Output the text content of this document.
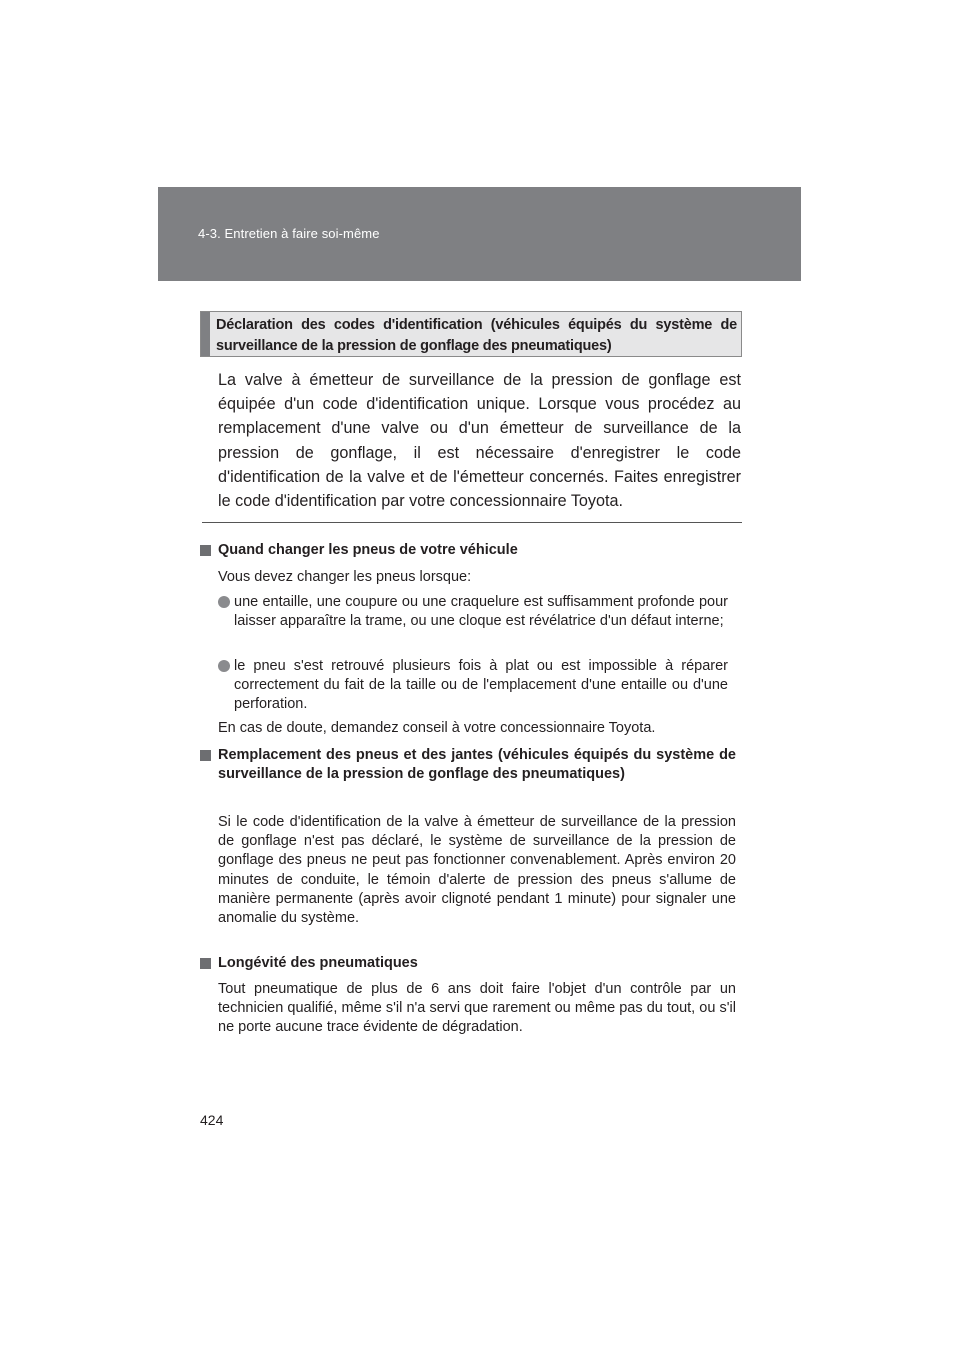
4-3. Entretien à faire soi-même
Déclaration des codes d'identification (véhicules équipés du système de surveillance de la pression de gonflage des pneumatiques)

La valve à émetteur de surveillance de la pression de gonflage est équipée d'un code d'identification unique. Lorsque vous procédez au remplacement d'une valve ou d'un émetteur de surveillance de la pression de gonflage, il est nécessaire d'enregistrer le code d'identification de la valve et de l'émetteur concernés. Faites enregistrer le code d'identification par votre concessionnaire Toyota.

Quand changer les pneus de votre véhicule

Vous devez changer les pneus lorsque:

une entaille, une coupure ou une craquelure est suffisamment profonde pour laisser apparaître la trame, ou une cloque est révélatrice d'un défaut interne;
le pneu s'est retrouvé plusieurs fois à plat ou est impossible à réparer correctement du fait de la taille ou de l'emplacement d'une entaille ou d'une perforation.

En cas de doute, demandez conseil à votre concessionnaire Toyota.

Remplacement des pneus et des jantes (véhicules équipés du système de surveillance de la pression de gonflage des pneumatiques)

Si le code d'identification de la valve à émetteur de surveillance de la pression de gonflage n'est pas déclaré, le système de surveillance de la pression de gonflage des pneus ne peut pas fonctionner convenablement. Après environ 20 minutes de conduite, le témoin d'alerte de pression des pneus s'allume de manière permanente (après avoir clignoté pendant 1 minute) pour signaler une anomalie du système.

Longévité des pneumatiques

Tout pneumatique de plus de 6 ans doit faire l'objet d'un contrôle par un technicien qualifié, même s'il n'a servi que rarement ou même pas du tout, ou s'il ne porte aucune trace évidente de dégradation.

424
